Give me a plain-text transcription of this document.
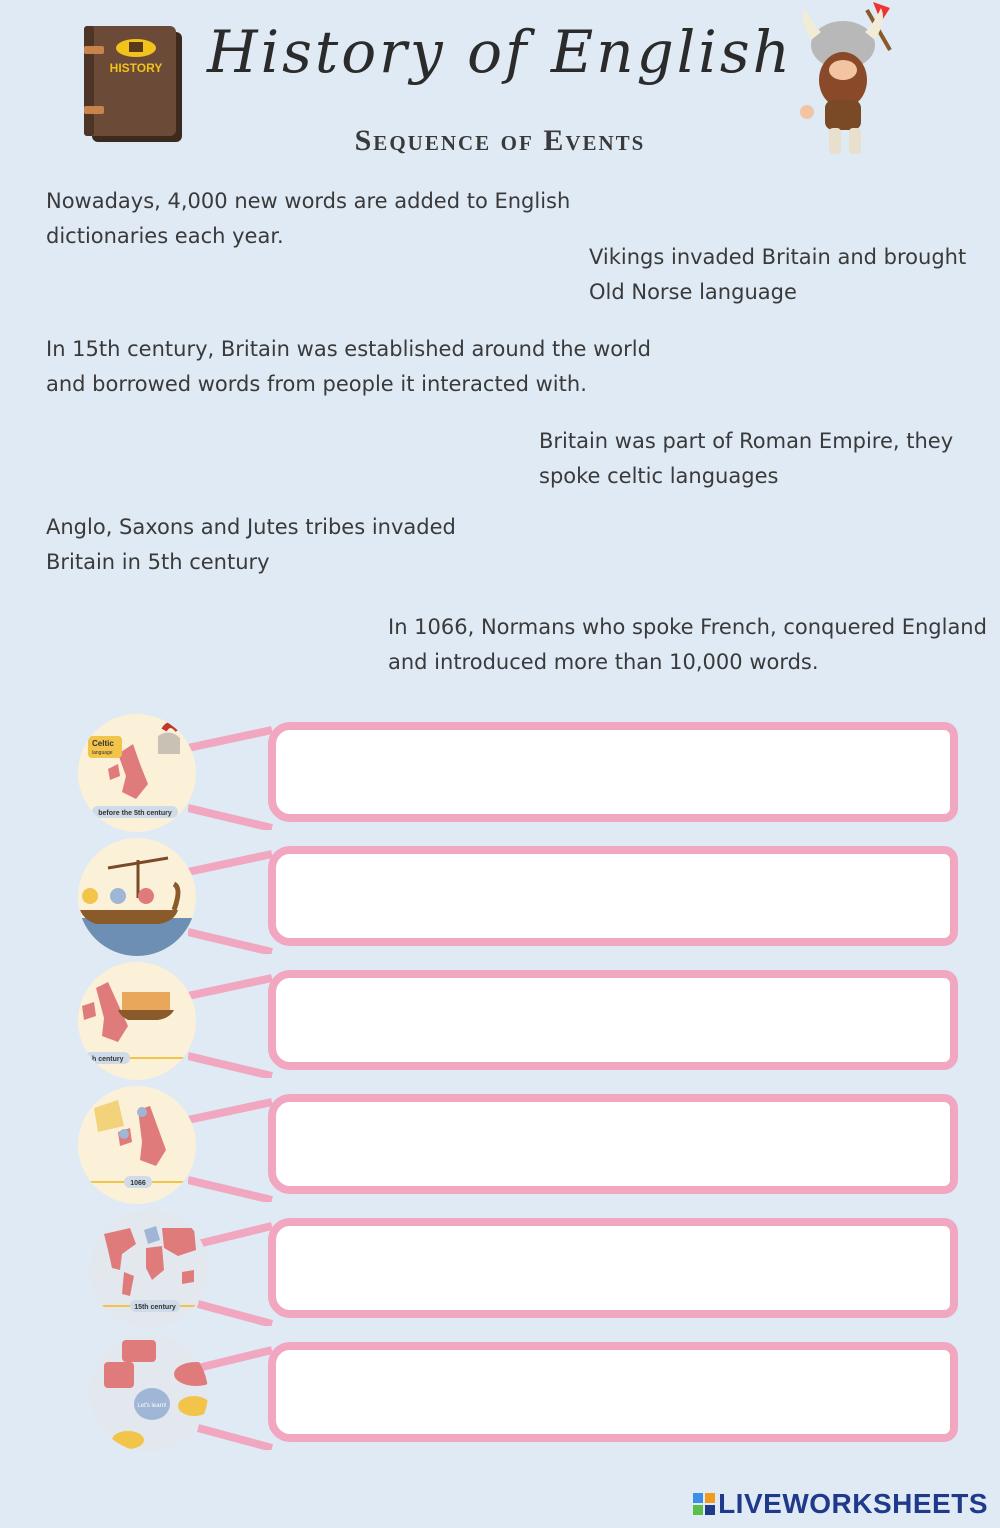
HISTORY History of English
Sequence of Events
Nowadays, 4,000 new words are added to English
dictionaries each year.
Vikings invaded Britain and brought
Old Norse language
In 15th century, Britain was established around the world
and borrowed words from people it interacted with.
Britain was part of Roman Empire, they
spoke celtic languages
Anglo, Saxons and Jutes tribes invaded
Britain in 5th century
In 1066, Normans who spoke French, conquered England
and introduced more than 10,000 words.
Celtic
language
before the 5th century
h century
1066
15th century
Let's learn!
LIVEWORKSHEETS
